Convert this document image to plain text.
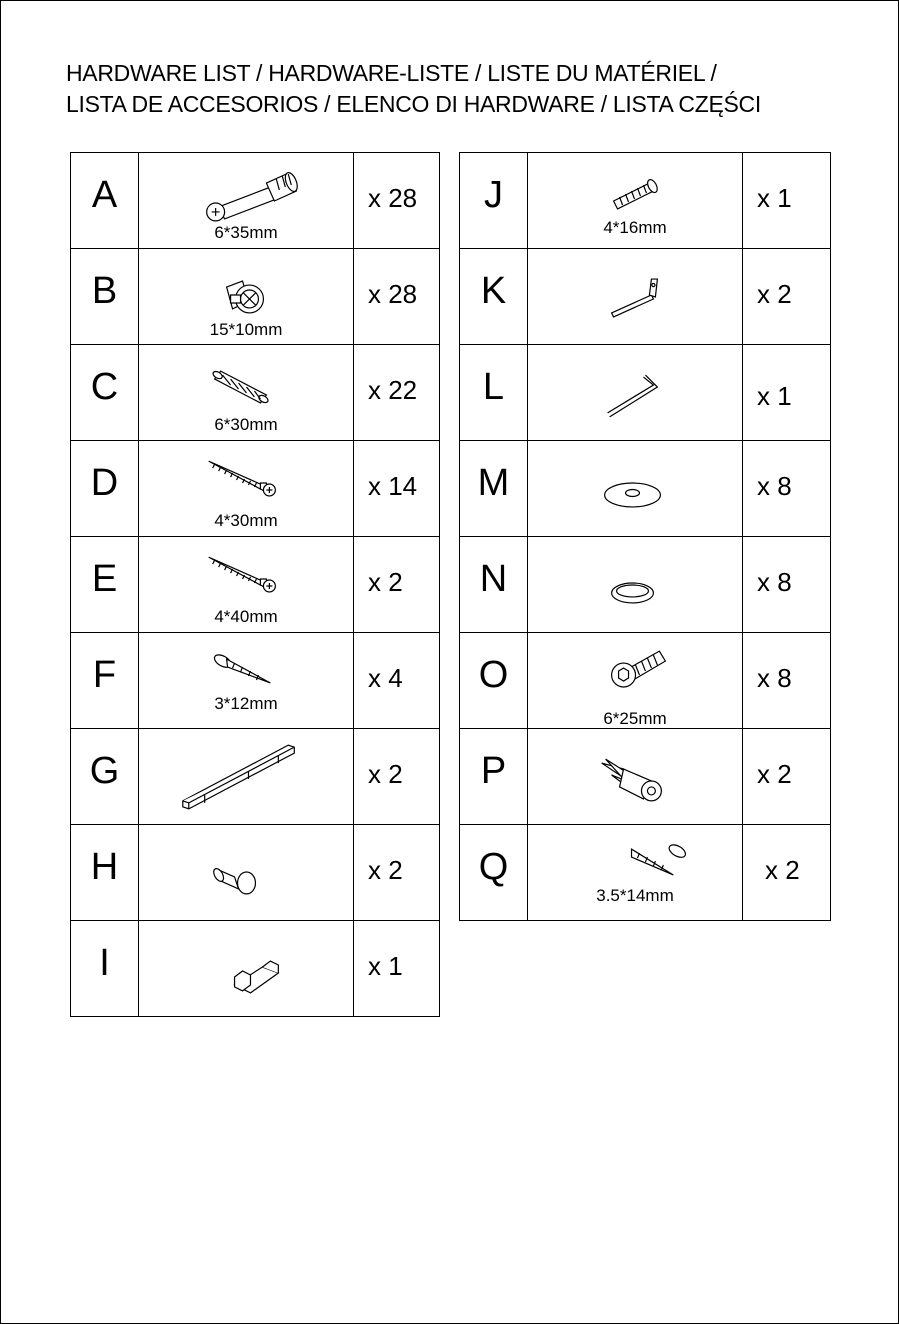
HARDWARE LIST / HARDWARE-LISTE / LISTE DU MATÉRIEL /
LISTA DE ACCESORIOS / ELENCO DI HARDWARE / LISTA CZĘŚCI
A	6*35mm	x 28

B	15*10mm	x 28

C	6*30mm	x 22

D	4*30mm	x 14

E	4*40mm	x 2

F	3*12mm	x 4

G		x 2

H		x 2

I		x 1
J	4*16mm	x 1

K		x 2

L		x 1

M		x 8

N		x 8

O	6*25mm	x 8

P		x 2

Q	3.5*14mm	x 2
